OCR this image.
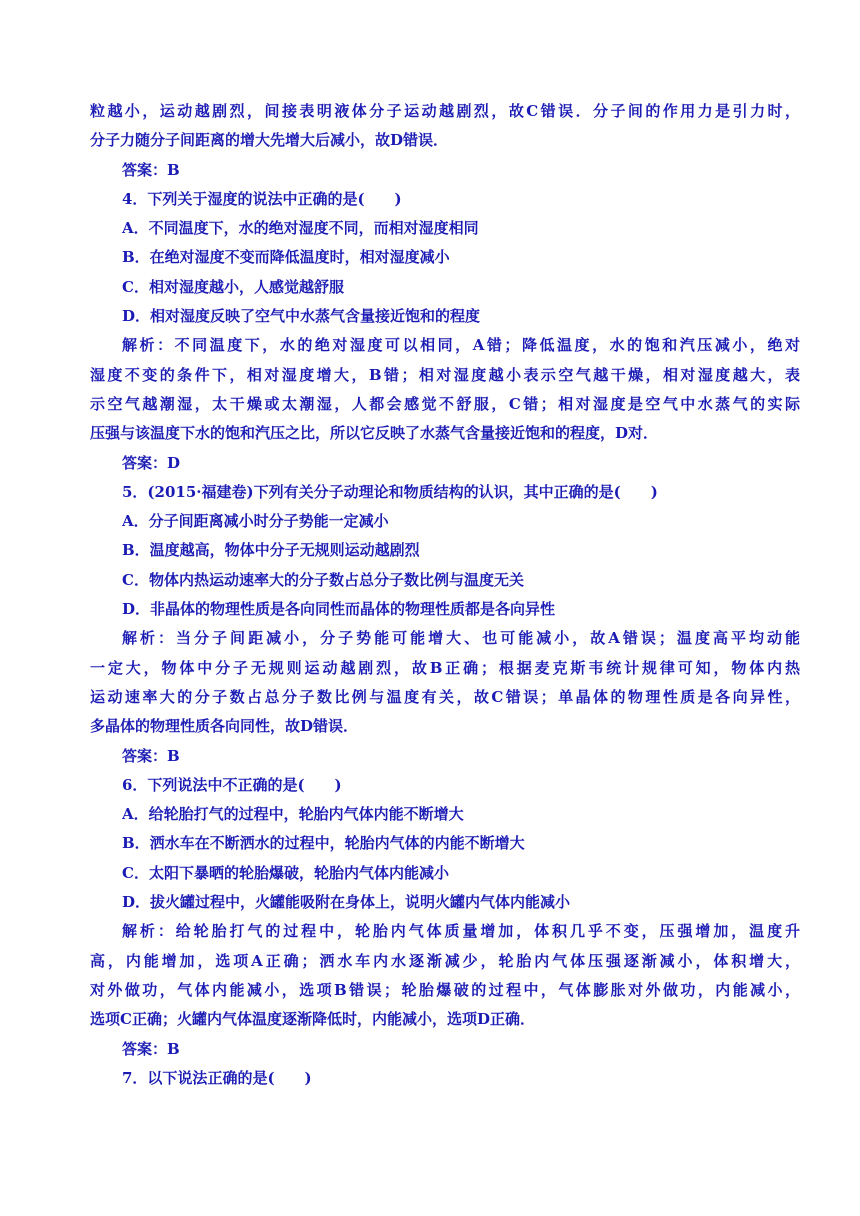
粒越小，运动越剧烈，间接表明液体分子运动越剧烈，故C错误．分子间的作用力是引力时，
分子力随分子间距离的增大先增大后减小，故D错误．
答案：B
4．下列关于湿度的说法中正确的是(　　)
A．不同温度下，水的绝对湿度不同，而相对湿度相同
B．在绝对湿度不变而降低温度时，相对湿度减小
C．相对湿度越小，人感觉越舒服
D．相对湿度反映了空气中水蒸气含量接近饱和的程度
解析：不同温度下，水的绝对湿度可以相同，A错；降低温度，水的饱和汽压减小，绝对
湿度不变的条件下，相对湿度增大，B错；相对湿度越小表示空气越干燥，相对湿度越大，表
示空气越潮湿，太干燥或太潮湿，人都会感觉不舒服，C错；相对湿度是空气中水蒸气的实际
压强与该温度下水的饱和汽压之比，所以它反映了水蒸气含量接近饱和的程度，D对．
答案：D
5．(2015·福建卷)下列有关分子动理论和物质结构的认识，其中正确的是(　　)
A．分子间距离减小时分子势能一定减小
B．温度越高，物体中分子无规则运动越剧烈
C．物体内热运动速率大的分子数占总分子数比例与温度无关
D．非晶体的物理性质是各向同性而晶体的物理性质都是各向异性
解析：当分子间距减小，分子势能可能增大、也可能减小，故A错误；温度高平均动能
一定大，物体中分子无规则运动越剧烈，故B正确；根据麦克斯韦统计规律可知，物体内热
运动速率大的分子数占总分子数比例与温度有关，故C错误；单晶体的物理性质是各向异性，
多晶体的物理性质各向同性，故D错误．
答案：B
6．下列说法中不正确的是(　　)
A．给轮胎打气的过程中，轮胎内气体内能不断增大
B．洒水车在不断洒水的过程中，轮胎内气体的内能不断增大
C．太阳下暴晒的轮胎爆破，轮胎内气体内能减小
D．拔火罐过程中，火罐能吸附在身体上，说明火罐内气体内能减小
解析：给轮胎打气的过程中，轮胎内气体质量增加，体积几乎不变，压强增加，温度升
高，内能增加，选项A正确；洒水车内水逐渐减少，轮胎内气体压强逐渐减小，体积增大，
对外做功，气体内能减小，选项B错误；轮胎爆破的过程中，气体膨胀对外做功，内能减小，
选项C正确；火罐内气体温度逐渐降低时，内能减小，选项D正确．
答案：B
7．以下说法正确的是(　　)
